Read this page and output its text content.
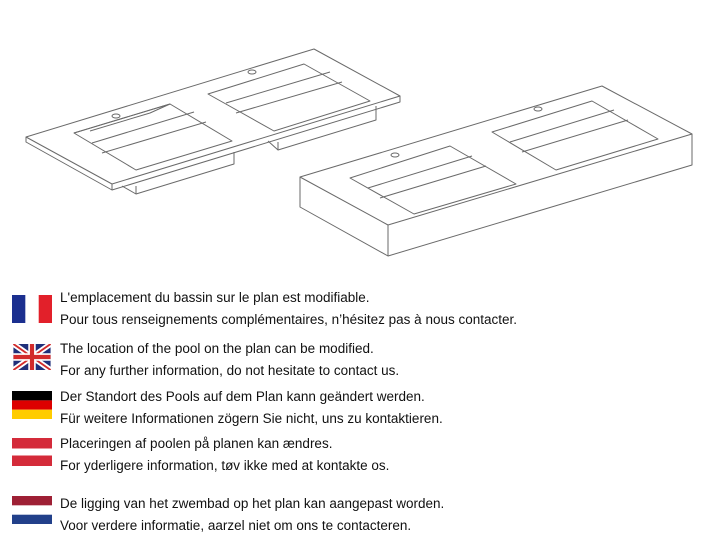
L'emplacement du bassin sur le plan est modifiable.
Pour tous renseignements complémentaires, n’hésitez pas à nous contacter.
The location of the pool on the plan can be modified.
For any further information, do not hesitate to contact us.
Der Standort des Pools auf dem Plan kann geändert werden.
Für weitere Informationen zögern Sie nicht, uns zu kontaktieren.
Placeringen af poolen på planen kan ændres.
For yderligere information, tøv ikke med at kontakte os.
De ligging van het zwembad op het plan kan aangepast worden.
Voor verdere informatie, aarzel niet om ons te contacteren.
